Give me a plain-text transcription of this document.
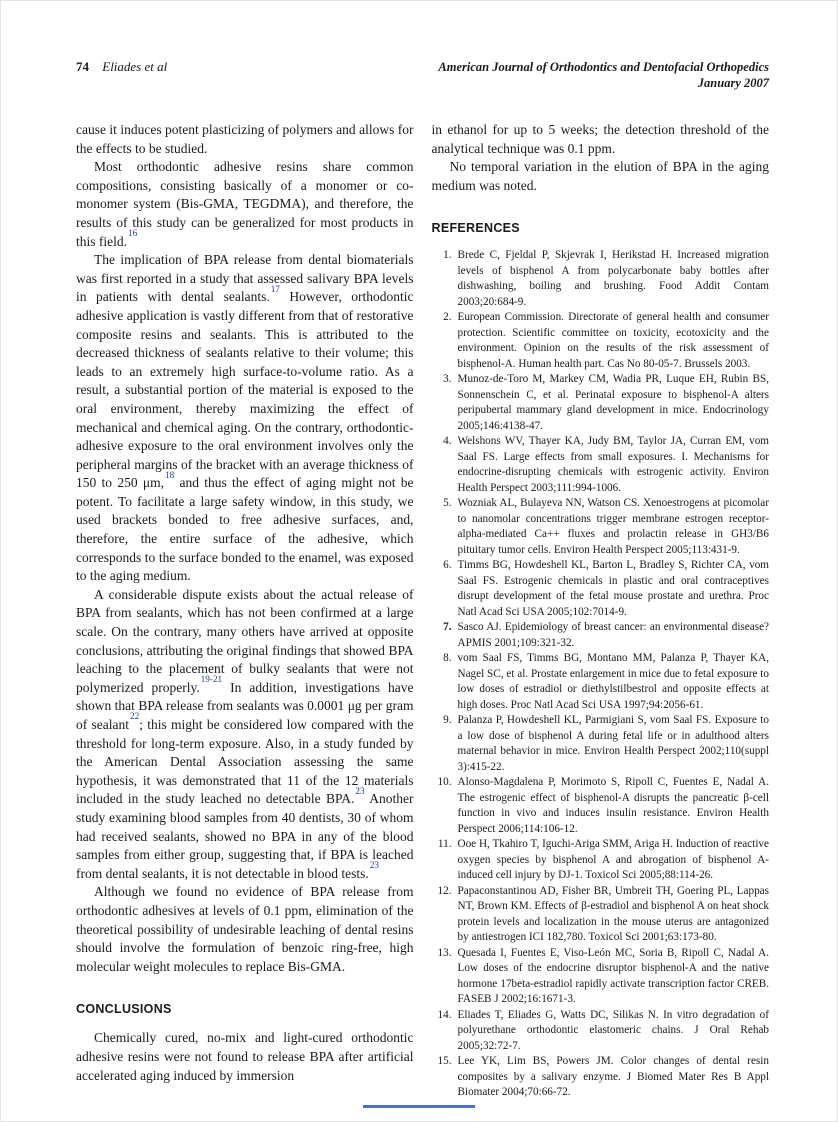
74 Eliades et al	American Journal of Orthodontics and Dentofacial Orthopedics
January 2007

cause it induces potent plasticizing of polymers and allows for the effects to be studied.

Most orthodontic adhesive resins share common compositions, consisting basically of a monomer or co-monomer system (Bis-GMA, TEGDMA), and therefore, the results of this study can be generalized for most products in this field.$^{16}$

The implication of BPA release from dental biomaterials was first reported in a study that assessed salivary BPA levels in patients with dental sealants.$^{17}$ However, orthodontic adhesive application is vastly different from that of restorative composite resins and sealants. This is attributed to the decreased thickness of sealants relative to their volume; this leads to an extremely high surface-to-volume ratio. As a result, a substantial portion of the material is exposed to the oral environment, thereby maximizing the effect of mechanical and chemical aging. On the contrary, orthodontic-adhesive exposure to the oral environment involves only the peripheral margins of the bracket with an average thickness of 150 to 250 μm,$^{18}$ and thus the effect of aging might not be potent. To facilitate a large safety window, in this study, we used brackets bonded to free adhesive surfaces, and, therefore, the entire surface of the adhesive, which corresponds to the surface bonded to the enamel, was exposed to the aging medium.

A considerable dispute exists about the actual release of BPA from sealants, which has not been confirmed at a large scale. On the contrary, many others have arrived at opposite conclusions, attributing the original findings that showed BPA leaching to the placement of bulky sealants that were not polymerized properly.$^{19-21}$ In addition, investigations have shown that BPA release from sealants was 0.0001 μg per gram of sealant$^{22}$; this might be considered low compared with the threshold for long-term exposure. Also, in a study funded by the American Dental Association assessing the same hypothesis, it was demonstrated that 11 of the 12 materials included in the study leached no detectable BPA.$^{23}$ Another study examining blood samples from 40 dentists, 30 of whom had received sealants, showed no BPA in any of the blood samples from either group, suggesting that, if BPA is leached from dental sealants, it is not detectable in blood tests.$^{23}$

Although we found no evidence of BPA release from orthodontic adhesives at levels of 0.1 ppm, elimination of the theoretical possibility of undesirable leaching of dental resins should involve the formulation of benzoic ring-free, high molecular weight molecules to replace Bis-GMA.

CONCLUSIONS

Chemically cured, no-mix and light-cured orthodontic adhesive resins were not found to release BPA after artificial accelerated aging induced by immersion

in ethanol for up to 5 weeks; the detection threshold of the analytical technique was 0.1 ppm.

No temporal variation in the elution of BPA in the aging medium was noted.

REFERENCES
1. Brede C, Fjeldal P, Skjevrak I, Herikstad H. Increased migration levels of bisphenol A from polycarbonate baby bottles after dishwashing, boiling and brushing. Food Addit Contam 2003;20:684-9.
2. European Commission. Directorate of general health and consumer protection. Scientific committee on toxicity, ecotoxicity and the environment. Opinion on the results of the risk assessment of bisphenol-A. Human health part. Cas No 80-05-7. Brussels 2003.
3. Munoz-de-Toro M, Markey CM, Wadia PR, Luque EH, Rubin BS, Sonnenschein C, et al. Perinatal exposure to bisphenol-A alters peripubertal mammary gland development in mice. Endocrinology 2005;146:4138-47.
4. Welshons WV, Thayer KA, Judy BM, Taylor JA, Curran EM, vom Saal FS. Large effects from small exposures. I. Mechanisms for endocrine-disrupting chemicals with estrogenic activity. Environ Health Perspect 2003;111:994-1006.
5. Wozniak AL, Bulayeva NN, Watson CS. Xenoestrogens at picomolar to nanomolar concentrations trigger membrane estrogen receptor-alpha-mediated Ca++ fluxes and prolactin release in GH3/B6 pituitary tumor cells. Environ Health Perspect 2005;113:431-9.
6. Timms BG, Howdeshell KL, Barton L, Bradley S, Richter CA, vom Saal FS. Estrogenic chemicals in plastic and oral contraceptives disrupt development of the fetal mouse prostate and urethra. Proc Natl Acad Sci USA 2005;102:7014-9.
7. Sasco AJ. Epidemiology of breast cancer: an environmental disease? APMIS 2001;109:321-32.
8. vom Saal FS, Timms BG, Montano MM, Palanza P, Thayer KA, Nagel SC, et al. Prostate enlargement in mice due to fetal exposure to low doses of estradiol or diethylstilbestrol and opposite effects at high doses. Proc Natl Acad Sci USA 1997;94:2056-61.
9. Palanza P, Howdeshell KL, Parmigiani S, vom Saal FS. Exposure to a low dose of bisphenol A during fetal life or in adulthood alters maternal behavior in mice. Environ Health Perspect 2002;110(suppl 3):415-22.
10. Alonso-Magdalena P, Morimoto S, Ripoll C, Fuentes E, Nadal A. The estrogenic effect of bisphenol-A disrupts the pancreatic β-cell function in vivo and induces insulin resistance. Environ Health Perspect 2006;114:106-12.
11. Ooe H, Tkahiro T, Iguchi-Ariga SMM, Ariga H. Induction of reactive oxygen species by bisphenol A and abrogation of bisphenol A-induced cell injury by DJ-1. Toxicol Sci 2005;88:114-26.
12. Papaconstantinou AD, Fisher BR, Umbreit TH, Goering PL, Lappas NT, Brown KM. Effects of β-estradiol and bisphenol A on heat shock protein levels and localization in the mouse uterus are antagonized by antiestrogen ICI 182,780. Toxicol Sci 2001;63:173-80.
13. Quesada I, Fuentes E, Viso-León MC, Soria B, Ripoll C, Nadal A. Low doses of the endocrine disruptor bisphenol-A and the native hormone 17beta-estradiol rapidly activate transcription factor CREB. FASEB J 2002;16:1671-3.
14. Eliades T, Eliades G, Watts DC, Silikas N. In vitro degradation of polyurethane orthodontic elastomeric chains. J Oral Rehab 2005;32:72-7.
15. Lee YK, Lim BS, Powers JM. Color changes of dental resin composites by a salivary enzyme. J Biomed Mater Res B Appl Biomater 2004;70:66-72.
